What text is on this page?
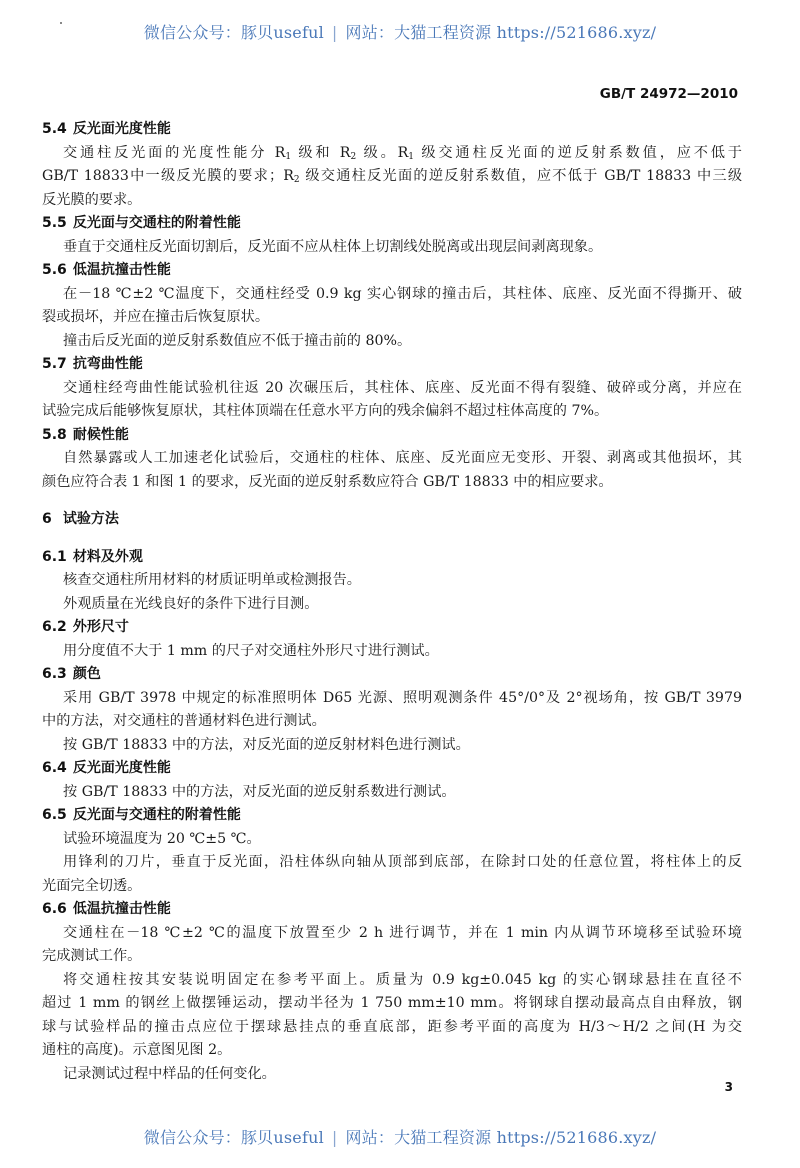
微信公众号：豚贝useful | 网站：大猫工程资源 https://521686.xyz/
GB/T 24972—2010
5.4 反光面光度性能
交通柱反光面的光度性能分 $R_1$ 级和 $R_2$ 级。$R_1$ 级交通柱反光面的逆反射系数值，应不低于
GB/T 18833中一级反光膜的要求；$R_2$ 级交通柱反光面的逆反射系数值，应不低于 GB/T 18833 中三级
反光膜的要求。
5.5 反光面与交通柱的附着性能
垂直于交通柱反光面切割后，反光面不应从柱体上切割线处脱离或出现层间剥离现象。
5.6 低温抗撞击性能
在－18 ℃±2 ℃温度下，交通柱经受 0.9 kg 实心钢球的撞击后，其柱体、底座、反光面不得撕开、破
裂或损坏，并应在撞击后恢复原状。
撞击后反光面的逆反射系数值应不低于撞击前的 80%。
5.7 抗弯曲性能
交通柱经弯曲性能试验机往返 20 次碾压后，其柱体、底座、反光面不得有裂缝、破碎或分离，并应在
试验完成后能够恢复原状，其柱体顶端在任意水平方向的残余偏斜不超过柱体高度的 7%。
5.8 耐候性能
自然暴露或人工加速老化试验后，交通柱的柱体、底座、反光面应无变形、开裂、剥离或其他损坏，其
颜色应符合表 1 和图 1 的要求，反光面的逆反射系数应符合 GB/T 18833 中的相应要求。
6 试验方法
6.1 材料及外观
核查交通柱所用材料的材质证明单或检测报告。
外观质量在光线良好的条件下进行目测。
6.2 外形尺寸
用分度值不大于 1 mm 的尺子对交通柱外形尺寸进行测试。
6.3 颜色
采用 GB/T 3978 中规定的标准照明体 D65 光源、照明观测条件 45°/0°及 2°视场角，按 GB/T 3979
中的方法，对交通柱的普通材料色进行测试。
按 GB/T 18833 中的方法，对反光面的逆反射材料色进行测试。
6.4 反光面光度性能
按 GB/T 18833 中的方法，对反光面的逆反射系数进行测试。
6.5 反光面与交通柱的附着性能
试验环境温度为 20 ℃±5 ℃。
用锋利的刀片，垂直于反光面，沿柱体纵向轴从顶部到底部，在除封口处的任意位置，将柱体上的反
光面完全切透。
6.6 低温抗撞击性能
交通柱在－18 ℃±2 ℃的温度下放置至少 2 h 进行调节，并在 1 min 内从调节环境移至试验环境
完成测试工作。
将交通柱按其安装说明固定在参考平面上。质量为 0.9 kg±0.045 kg 的实心钢球悬挂在直径不
超过 1 mm 的钢丝上做摆锤运动，摆动半径为 1 750 mm±10 mm。将钢球自摆动最高点自由释放，钢
球与试验样品的撞击点应位于摆球悬挂点的垂直底部，距参考平面的高度为 H/3～H/2 之间(H 为交
通柱的高度)。示意图见图 2。
记录测试过程中样品的任何变化。
3
微信公众号：豚贝useful | 网站：大猫工程资源 https://521686.xyz/
